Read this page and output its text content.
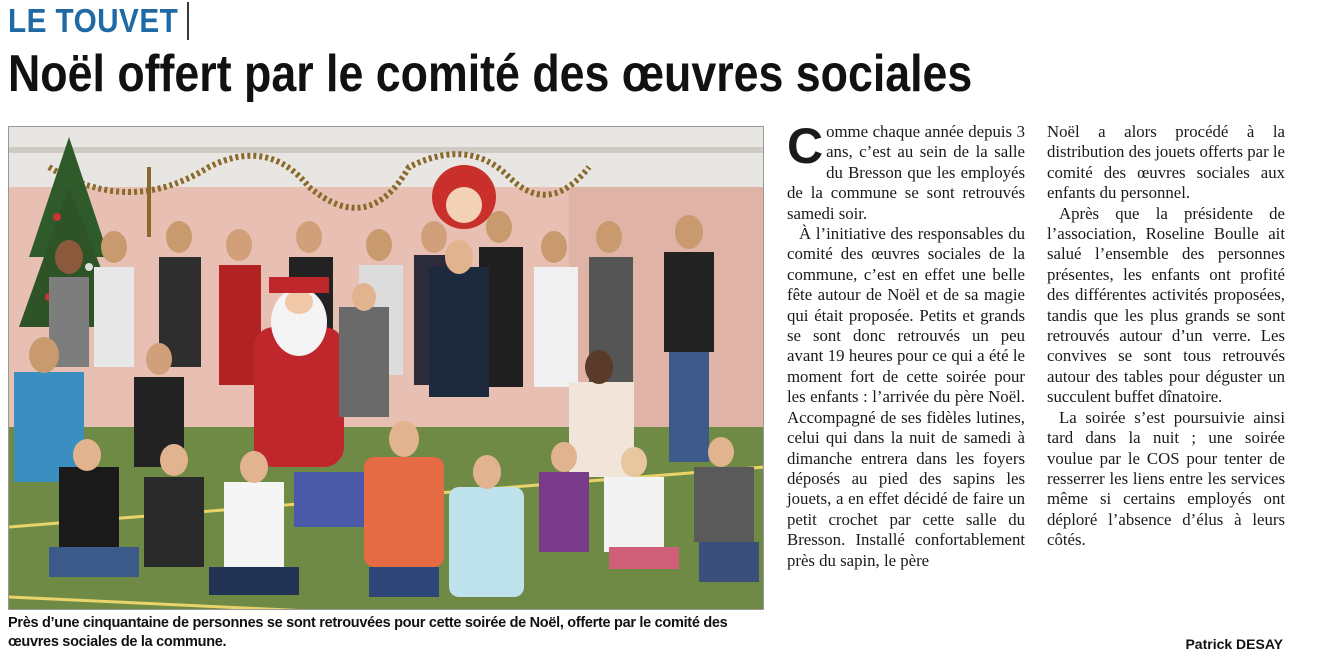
LE TOUVET
Noël offert par le comité des œuvres sociales

Près d’une cinquantaine de personnes se sont retrouvées pour cette soirée de Noël, offerte par le comité des œuvres sociales de la commune.

Comme chaque année depuis 3 ans, c’est au sein de la salle du Bresson que les employés de la commune se sont retrouvés samedi soir.

À l’initiative des responsables du comité des œuvres sociales de la commune, c’est en effet une belle fête autour de Noël et de sa magie qui était proposée. Petits et grands se sont donc retrouvés un peu avant 19 heures pour ce qui a été le moment fort de cette soirée pour les enfants : l’arrivée du père Noël. Accompagné de ses fidèles lutines, celui qui dans la nuit de samedi à dimanche entrera dans les foyers déposés au pied des sapins les jouets, a en effet décidé de faire un petit crochet par cette salle du Bresson. Installé confortablement près du sapin, le père

Noël a alors procédé à la distribution des jouets offerts par le comité des œuvres sociales aux enfants du personnel.

Après que la présidente de l’association, Roseline Boulle ait salué l’ensemble des personnes présentes, les enfants ont profité des différentes activités proposées, tandis que les plus grands se sont retrouvés autour d’un verre. Les convives se sont tous retrouvés autour des tables pour déguster un succulent buffet dînatoire.

La soirée s’est poursuivie ainsi tard dans la nuit ; une soirée voulue par le COS pour tenter de resserrer les liens entre les services même si certains employés ont déploré l’absence d’élus à leurs côtés.

Patrick DESAY
